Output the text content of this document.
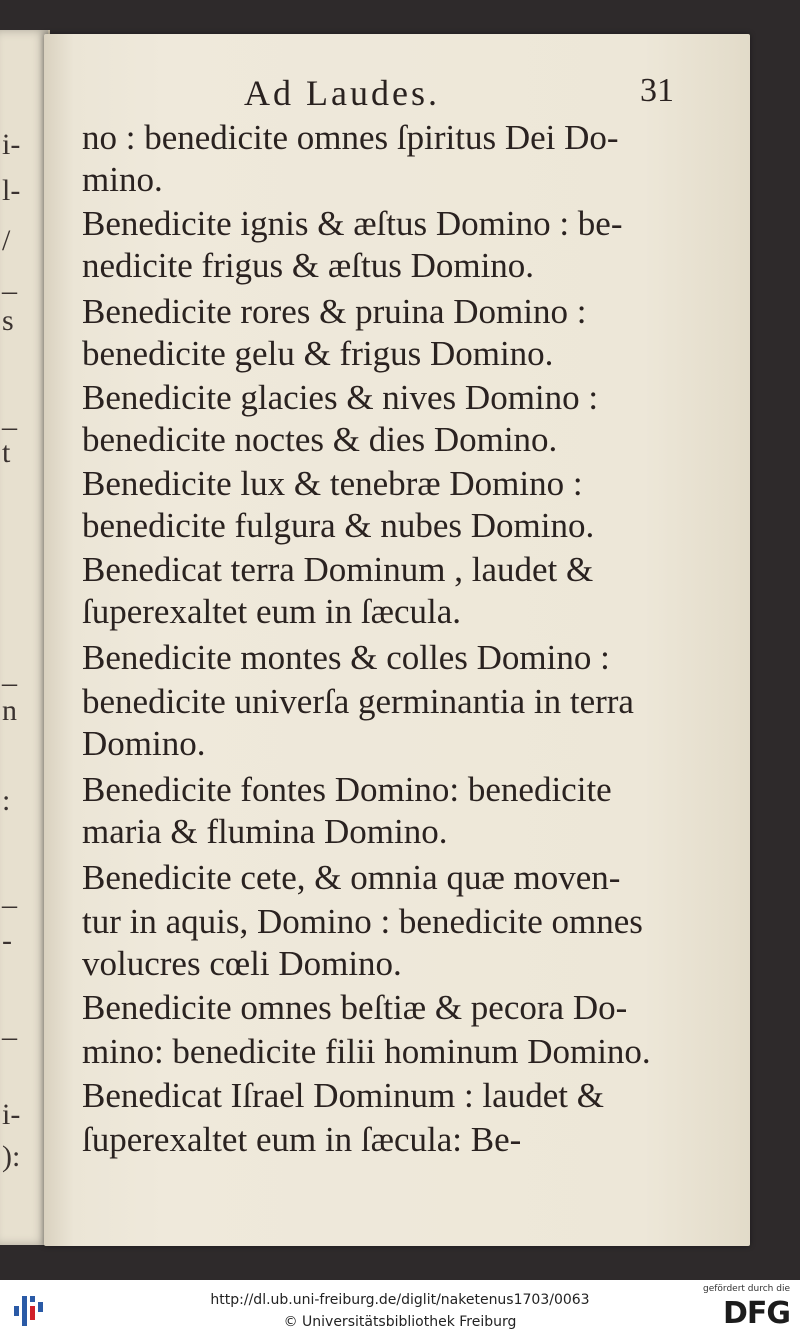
i-
l-
/
_
s
_
t
_
n
:
_
-
_
i-
):
Ad Laudes.	31
no : benedicite omnes ſpiritus Dei Do-
mino.
Benedicite ignis & æſtus Domino : be-
nedicite frigus & æſtus Domino.
Benedicite rores & pruina Domino :
benedicite gelu & frigus Domino.
Benedicite glacies & nives Domino :
benedicite noctes & dies Domino.
Benedicite lux & tenebræ Domino :
benedicite fulgura & nubes Domino.
Benedicat terra Dominum , laudet &
ſuperexaltet eum in ſæcula.
Benedicite montes & colles Domino :
benedicite univerſa germinantia in terra
Domino.
Benedicite fontes Domino: benedicite
maria & flumina Domino.
Benedicite cete, & omnia quæ moven-
tur in aquis, Domino : benedicite omnes
volucres cœli Domino.
Benedicite omnes beſtiæ & pecora Do-
mino: benedicite filii hominum Domino.
Benedicat Iſrael Dominum : laudet &
ſuperexaltet eum in ſæcula: Be-
http://dl.ub.uni-freiburg.de/diglit/naketenus1703/0063
© Universitätsbibliothek Freiburg
gefördert durch die
DFG
